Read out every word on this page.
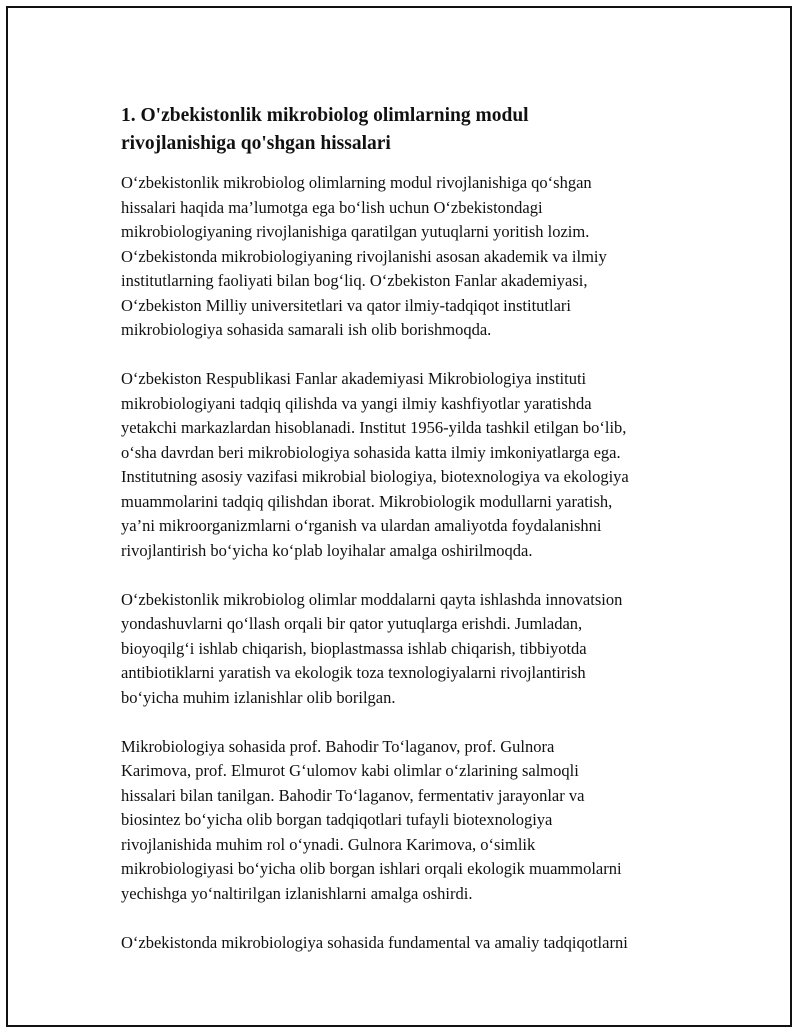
1. O'zbekistonlik mikrobiolog olimlarning modul
rivojlanishiga qo'shgan hissalari
O‘zbekistonlik mikrobiolog olimlarning modul rivojlanishiga qo‘shgan
hissalari haqida ma’lumotga ega bo‘lish uchun O‘zbekistondagi
mikrobiologiyaning rivojlanishiga qaratilgan yutuqlarni yoritish lozim.
O‘zbekistonda mikrobiologiyaning rivojlanishi asosan akademik va ilmiy
institutlarning faoliyati bilan bog‘liq. O‘zbekiston Fanlar akademiyasi,
O‘zbekiston Milliy universitetlari va qator ilmiy-tadqiqot institutlari
mikrobiologiya sohasida samarali ish olib borishmoqda.
O‘zbekiston Respublikasi Fanlar akademiyasi Mikrobiologiya instituti
mikrobiologiyani tadqiq qilishda va yangi ilmiy kashfiyotlar yaratishda
yetakchi markazlardan hisoblanadi. Institut 1956-yilda tashkil etilgan bo‘lib,
o‘sha davrdan beri mikrobiologiya sohasida katta ilmiy imkoniyatlarga ega.
Institutning asosiy vazifasi mikrobial biologiya, biotexnologiya va ekologiya
muammolarini tadqiq qilishdan iborat. Mikrobiologik modullarni yaratish,
ya’ni mikroorganizmlarni o‘rganish va ulardan amaliyotda foydalanishni
rivojlantirish bo‘yicha ko‘plab loyihalar amalga oshirilmoqda.
O‘zbekistonlik mikrobiolog olimlar moddalarni qayta ishlashda innovatsion
yondashuvlarni qo‘llash orqali bir qator yutuqlarga erishdi. Jumladan,
bioyoqilg‘i ishlab chiqarish, bioplastmassa ishlab chiqarish, tibbiyotda
antibiotiklarni yaratish va ekologik toza texnologiyalarni rivojlantirish
bo‘yicha muhim izlanishlar olib borilgan.
Mikrobiologiya sohasida prof. Bahodir To‘laganov, prof. Gulnora
Karimova, prof. Elmurot G‘ulomov kabi olimlar o‘zlarining salmoqli
hissalari bilan tanilgan. Bahodir To‘laganov, fermentativ jarayonlar va
biosintez bo‘yicha olib borgan tadqiqotlari tufayli biotexnologiya
rivojlanishida muhim rol o‘ynadi. Gulnora Karimova, o‘simlik
mikrobiologiyasi bo‘yicha olib borgan ishlari orqali ekologik muammolarni
yechishga yo‘naltirilgan izlanishlarni amalga oshirdi.
O‘zbekistonda mikrobiologiya sohasida fundamental va amaliy tadqiqotlarni
